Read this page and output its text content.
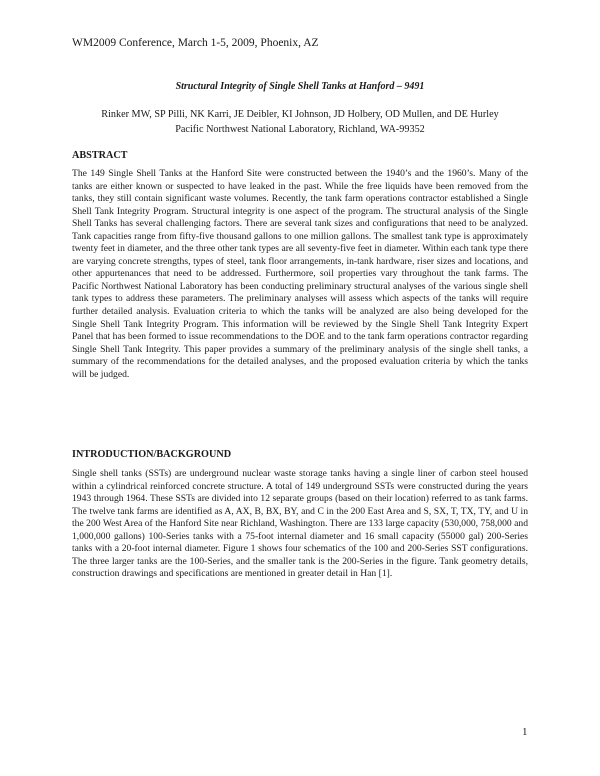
WM2009 Conference, March 1-5, 2009, Phoenix, AZ
Structural Integrity of Single Shell Tanks at Hanford – 9491
Rinker MW, SP Pilli, NK Karri, JE Deibler, KI Johnson, JD Holbery, OD Mullen, and DE Hurley
Pacific Northwest National Laboratory, Richland, WA-99352
ABSTRACT
The 149 Single Shell Tanks at the Hanford Site were constructed between the 1940’s and the 1960’s. Many of the tanks are either known or suspected to have leaked in the past. While the free liquids have been removed from the tanks, they still contain significant waste volumes. Recently, the tank farm operations contractor established a Single Shell Tank Integrity Program. Structural integrity is one aspect of the program. The structural analysis of the Single Shell Tanks has several challenging factors. There are several tank sizes and configurations that need to be analyzed. Tank capacities range from fifty-five thousand gallons to one million gallons. The smallest tank type is approximately twenty feet in diameter, and the three other tank types are all seventy-five feet in diameter. Within each tank type there are varying concrete strengths, types of steel, tank floor arrangements, in-tank hardware, riser sizes and locations, and other appurtenances that need to be addressed. Furthermore, soil properties vary throughout the tank farms. The Pacific Northwest National Laboratory has been conducting preliminary structural analyses of the various single shell tank types to address these parameters. The preliminary analyses will assess which aspects of the tanks will require further detailed analysis. Evaluation criteria to which the tanks will be analyzed are also being developed for the Single Shell Tank Integrity Program. This information will be reviewed by the Single Shell Tank Integrity Expert Panel that has been formed to issue recommendations to the DOE and to the tank farm operations contractor regarding Single Shell Tank Integrity. This paper provides a summary of the preliminary analysis of the single shell tanks, a summary of the recommendations for the detailed analyses, and the proposed evaluation criteria by which the tanks will be judged.
INTRODUCTION/BACKGROUND
Single shell tanks (SSTs) are underground nuclear waste storage tanks having a single liner of carbon steel housed within a cylindrical reinforced concrete structure. A total of 149 underground SSTs were constructed during the years 1943 through 1964. These SSTs are divided into 12 separate groups (based on their location) referred to as tank farms. The twelve tank farms are identified as A, AX, B, BX, BY, and C in the 200 East Area and S, SX, T, TX, TY, and U in the 200 West Area of the Hanford Site near Richland, Washington. There are 133 large capacity (530,000, 758,000 and 1,000,000 gallons) 100-Series tanks with a 75-foot internal diameter and 16 small capacity (55000 gal) 200-Series tanks with a 20-foot internal diameter. Figure 1 shows four schematics of the 100 and 200-Series SST configurations. The three larger tanks are the 100-Series, and the smaller tank is the 200-Series in the figure. Tank geometry details, construction drawings and specifications are mentioned in greater detail in Han [1].
1
